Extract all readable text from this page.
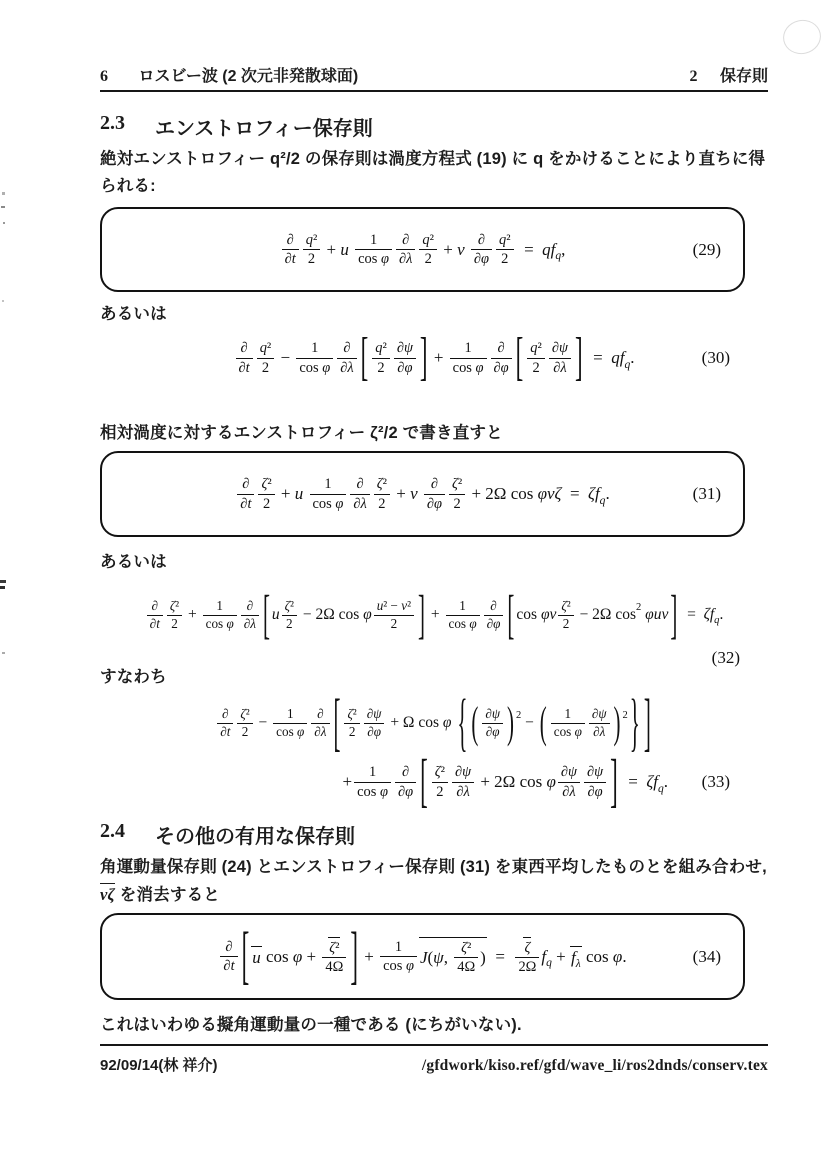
6 ロスビー波 (2 次元非発散球面)	2 保存則
2.3 エンストロフィー保存則
絶対エンストロフィー q²/2 の保存則は渦度方程式 (19) に q をかけることにより直ちに得られる:
$\frac{\partial}{\partial t} \frac{\text{q²}}{2} + u \frac{1}{\text{cos φ}} \frac{\partial}{\partial\lambda} \frac{\text{q²}}{2} + v \frac{\partial}{\partial\varphi} \frac{\text{q²}}{2} = q$ $f_q$ ,	(29)
あるいは
$\frac{\partial}{\partial t} \frac{\text{q²}}{2} - \frac{1}{\text{cos φ}} \frac{\partial}{\partial\lambda}$ [ $\frac{\text{q²}}{2} \frac{\partial\psi}{\partial\varphi}$ ] + $\frac{1}{\text{cos φ}} \frac{\partial}{\partial\varphi}$ [ $\frac{\text{q²}}{2} \frac{\partial\psi}{\partial\lambda}$ ] =  q $f_q$ .	(30)
相対渦度に対するエンストロフィー ζ²/2 で書き直すと
$\frac{\partial}{\partial t} \frac{\text{ζ²}}{2} + u \frac{1}{\text{cos φ}} \frac{\partial}{\partial\lambda} \frac{\text{ζ²}}{2} + v \frac{\partial}{\partial\varphi} \frac{\text{ζ²}}{2} + 2\Omega$ cos φvζ =  ζ $f_q$ .	(31)
あるいは
$\frac{\partial}{\partial t} \frac{\text{ζ²}}{2} + \frac{1}{\text{cos φ}} \frac{\partial}{\partial\lambda}$ [ u $\frac{\text{ζ²}}{2} - 2\Omega$ cos φ $\frac{\text{u² − v²}}{2}$ ] + $\frac{1}{\text{cos φ}} \frac{\partial}{\partial\varphi}$ [ cos φv $\frac{\text{ζ²}}{2} - 2\Omega$ $\cos^2 \varphi uv$ ] =  ζ $f_q$ .
(32)
すなわち
$\frac{\partial}{\partial t} \frac{\text{ζ²}}{2} - \frac{1}{\text{cos φ}} \frac{\partial}{\partial\lambda}$ [ $\frac{\text{ζ²}}{2} \frac{\partial\psi}{\partial\varphi} + \Omega$ cos φ { ( $\frac{\partial\psi}{\partial\varphi} )^2$ − ( $\frac{1}{\text{cos φ}} \frac{\partial\psi}{\partial\lambda} )^2$ } ]
+ $\frac{1}{\text{cos φ}} \frac{\partial}{\partial\varphi}$ [ $\frac{\text{ζ²}}{2} \frac{\partial\psi}{\partial\lambda} + 2\Omega$ cos φ $\frac{\partial\psi}{\partial\lambda} \frac{\partial\psi}{\partial\varphi}$ ] =  ζ $f_q$ . (33)
2.4 その他の有用な保存則
角運動量保存則 (24) とエンストロフィー保存則 (31) を東西平均したものとを組み合わせ,
vζ を消去すると
$\frac{\partial}{\partial t}$ [ u
$\cos \varphi + \frac{\text{ζ²}}{4\Omega}$ ] + $\frac{1}{\text{cos φ}} J(\psi$, $\frac{\text{ζ²}}{4\Omega}$ ) = $\frac{\zeta}{2\Omega} f_q + f_\lambda$
cos φ.	(34)
これはいわゆる擬角運動量の一種である (にちがいない).
92/09/14(林 祥介)	/gfdwork/kiso.ref/gfd/wave_li/ros2dnds/conserv.tex
